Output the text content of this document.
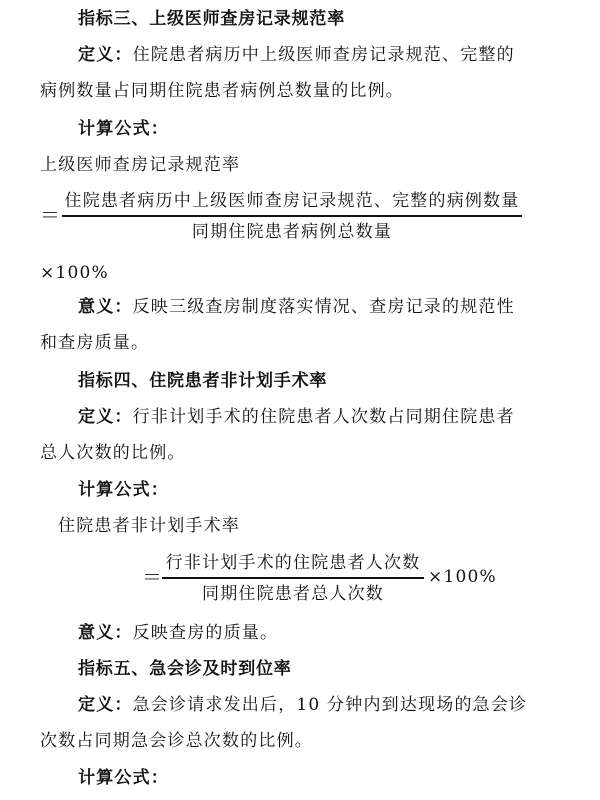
指标三、上级医师查房记录规范率
定义：住院患者病历中上级医师查房记录规范、完整的
病例数量占同期住院患者病例总数量的比例。
计算公式：
上级医师查房记录规范率
＝
住院患者病历中上级医师查房记录规范、完整的病例数量
同期住院患者病例总数量
×100%
意义：反映三级查房制度落实情况、查房记录的规范性
和查房质量。
指标四、住院患者非计划手术率
定义：行非计划手术的住院患者人次数占同期住院患者
总人次数的比例。
计算公式：
住院患者非计划手术率
＝
行非计划手术的住院患者人次数
同期住院患者总人次数
×100%
意义：反映查房的质量。
指标五、急会诊及时到位率
定义：急会诊请求发出后，10 分钟内到达现场的急会诊
次数占同期急会诊总次数的比例。
计算公式：
